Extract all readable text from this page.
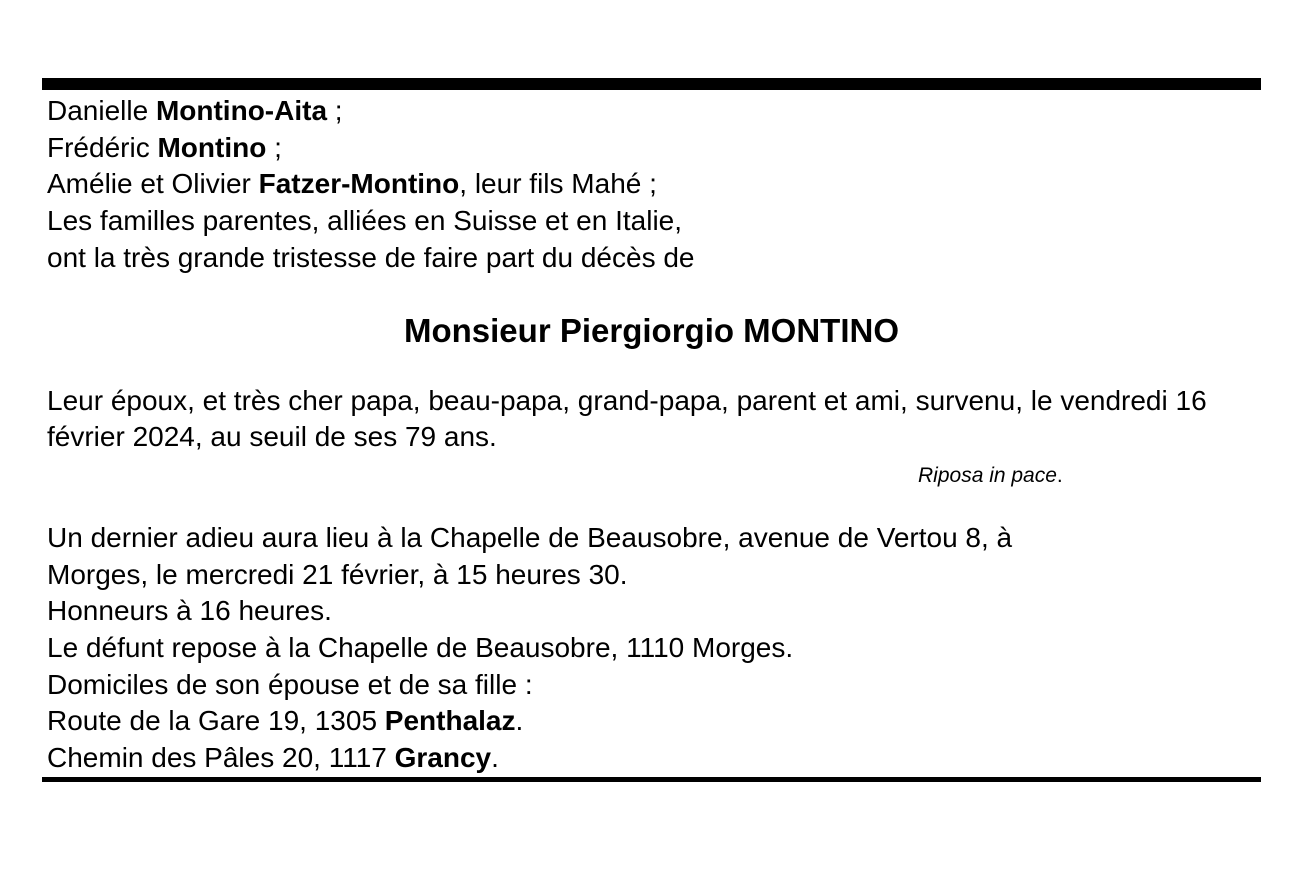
Danielle Montino-Aita ;
Frédéric Montino ;
Amélie et Olivier Fatzer-Montino, leur fils Mahé ;
Les familles parentes, alliées en Suisse et en Italie,
ont la très grande tristesse de faire part du décès de
Monsieur Piergiorgio MONTINO
Leur époux, et très cher papa, beau-papa, grand-papa, parent et ami, survenu, le vendredi 16 février 2024, au seuil de ses 79 ans.
Riposa in pace.
Un dernier adieu aura lieu à la Chapelle de Beausobre, avenue de Vertou 8, à
Morges, le mercredi 21 février, à 15 heures 30.
Honneurs à 16 heures.
Le défunt repose à la Chapelle de Beausobre, 1110 Morges.
Domiciles de son épouse et de sa fille :
Route de la Gare 19, 1305 Penthalaz.
Chemin des Pâles 20, 1117 Grancy.
